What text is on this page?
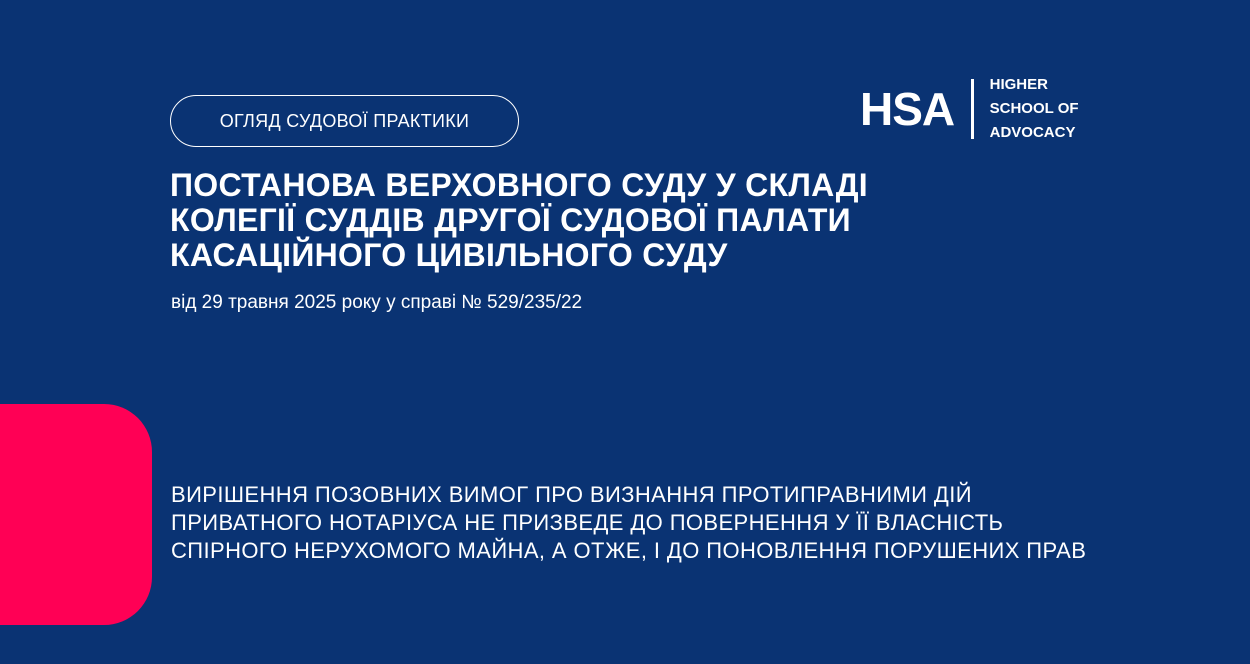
ОГЛЯД СУДОВОЇ ПРАКТИКИ	HSA HIGHER
SCHOOL OF
ADVOCACY
ПОСТАНОВА ВЕРХОВНОГО СУДУ У СКЛАДІ КОЛЕГІЇ СУДДІВ ДРУГОЇ СУДОВОЇ ПАЛАТИ КАСАЦІЙНОГО ЦИВІЛЬНОГО СУДУ

від 29 травня 2025 року у справі № 529/235/22

ВИРІШЕННЯ ПОЗОВНИХ ВИМОГ ПРО ВИЗНАННЯ ПРОТИПРАВНИМИ ДІЙ
ПРИВАТНОГО НОТАРІУСА НЕ ПРИЗВЕДЕ ДО ПОВЕРНЕННЯ У ЇЇ ВЛАСНІСТЬ
СПІРНОГО НЕРУХОМОГО МАЙНА, А ОТЖЕ, І ДО ПОНОВЛЕННЯ ПОРУШЕНИХ ПРАВ
